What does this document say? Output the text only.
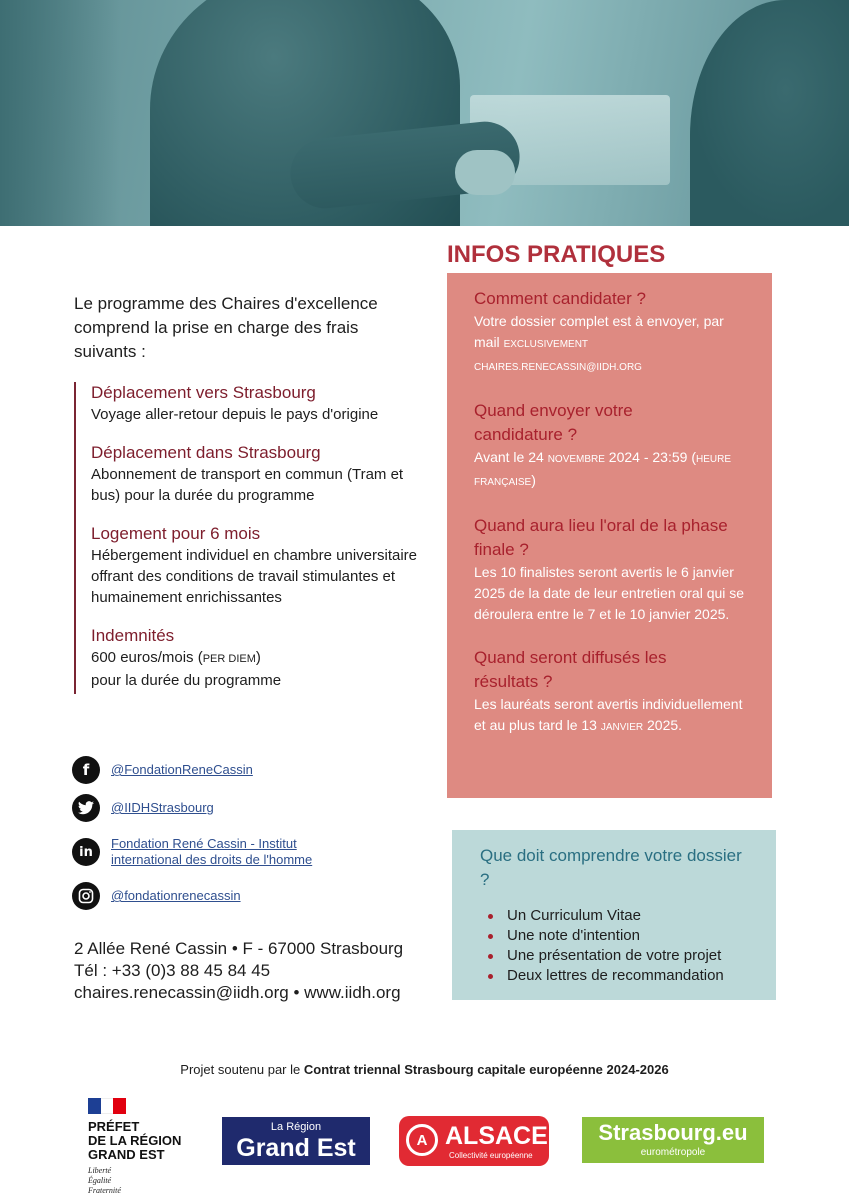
Le programme des Chaires d'excellence comprend la prise en charge des frais suivants :

Déplacement vers Strasbourg

Voyage aller-retour depuis le pays d'origine

Déplacement dans Strasbourg

Abonnement de transport en commun (Tram et bus) pour la durée du programme

Logement pour 6 mois

Hébergement individuel en chambre universitaire offrant des conditions de travail stimulantes et humainement enrichissantes

Indemnités

600 euros/mois (PER DIEM)
pour la durée du programme

f	@FondationReneCassin
@IIDHStrasbourg
in
Fondation René Cassin - Institut international des droits de l'homme
@fondationrenecassin
2 Allée René Cassin • F - 67000 Strasbourg
Tél : +33 (0)3 88 45 84 45
chaires.renecassin@iidh.org • www.iidh.org
INFOS PRATIQUES
Comment candidater ?

Votre dossier complet est à envoyer, par mail EXCLUSIVEMENT
CHAIRES.RENECASSIN@IIDH.ORG

Quand envoyer votre candidature ?

Avant le 24 NOVEMBRE 2024 - 23:59 (HEURE FRANÇAISE)

Quand aura lieu l'oral de la phase finale ?

Les 10 finalistes seront avertis le 6 janvier 2025 de la date de leur entretien oral qui se déroulera entre le 7 et le 10 janvier 2025.

Quand seront diffusés les résultats ?

Les lauréats seront avertis individuellement et au plus tard le 13 JANVIER 2025.

Que doit comprendre votre dossier ?
Un Curriculum Vitae
Une note d'intention
Une présentation de votre projet
Deux lettres de recommandation
Projet soutenu par le Contrat triennal Strasbourg capitale européenne 2024-2026
PRÉFET
DE LA RÉGION
GRAND EST
Liberté
Égalité
Fraternité
La Région
Grand Est	A ALSACE
Collectivité européenne
Strasbourg.eu
eurométropole
